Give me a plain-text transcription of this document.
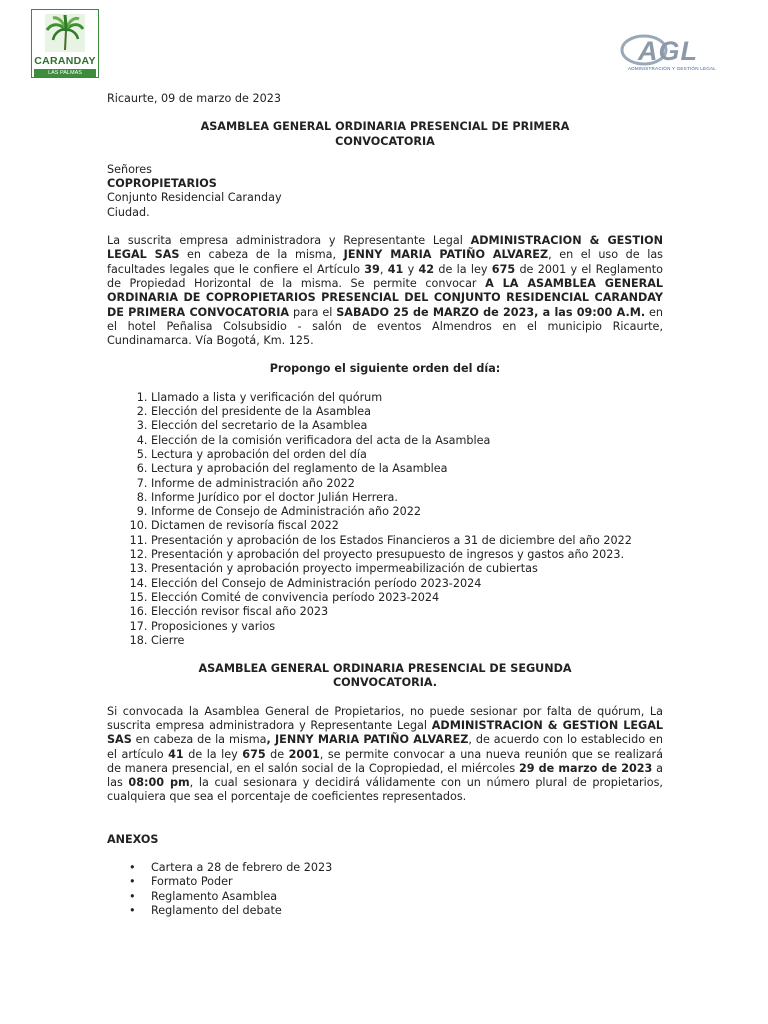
CARANDAY
LAS PALMAS
AGL
ADMINISTRACIÓN Y GESTIÓN LEGAL

Ricaurte, 09 de marzo de 2023

ASAMBLEA GENERAL ORDINARIA PRESENCIAL DE PRIMERA

CONVOCATORIA

Señores

COPROPIETARIOS

Conjunto Residencial Caranday

Ciudad.

La suscrita empresa administradora y Representante Legal ADMINISTRACION & GESTION LEGAL SAS en cabeza de la misma, JENNY MARIA PATIÑO ALVAREZ, en el uso de las facultades legales que le confiere el Artículo 39, 41 y 42 de la ley 675 de 2001 y el Reglamento de Propiedad Horizontal de la misma. Se permite convocar A LA ASAMBLEA GENERAL ORDINARIA DE COPROPIETARIOS PRESENCIAL DEL CONJUNTO RESIDENCIAL CARANDAY DE PRIMERA CONVOCATORIA para el SABADO 25 de MARZO de 2023, a las 09:00 A.M. en el hotel Peñalisa Colsubsidio - salón de eventos Almendros en el municipio Ricaurte, Cundinamarca. Vía Bogotá, Km. 125.

Propongo el siguiente orden del día:

1. Llamado a lista y verificación del quórum
2. Elección del presidente de la Asamblea
3. Elección del secretario de la Asamblea
4. Elección de la comisión verificadora del acta de la Asamblea
5. Lectura y aprobación del orden del día
6. Lectura y aprobación del reglamento de la Asamblea
7. Informe de administración año 2022
8. Informe Jurídico por el doctor Julián Herrera.
9. Informe de Consejo de Administración año 2022
10. Dictamen de revisoría fiscal 2022
11. Presentación y aprobación de los Estados Financieros a 31 de diciembre del año 2022
12. Presentación y aprobación del proyecto presupuesto de ingresos y gastos año 2023.
13. Presentación y aprobación proyecto impermeabilización de cubiertas
14. Elección del Consejo de Administración período 2023-2024
15. Elección Comité de convivencia período 2023-2024
16. Elección revisor fiscal año 2023
17. Proposiciones y varios
18. Cierre

ASAMBLEA GENERAL ORDINARIA PRESENCIAL DE SEGUNDA

CONVOCATORIA.

Si convocada la Asamblea General de Propietarios, no puede sesionar por falta de quórum, La suscrita empresa administradora y Representante Legal ADMINISTRACION & GESTION LEGAL SAS en cabeza de la misma, JENNY MARIA PATIÑO ALVAREZ, de acuerdo con lo establecido en el artículo 41 de la ley 675 de 2001, se permite convocar a una nueva reunión que se realizará de manera presencial, en el salón social de la Copropiedad, el miércoles 29 de marzo de 2023 a las 08:00 pm, la cual sesionara y decidirá válidamente con un número plural de propietarios, cualquiera que sea el porcentaje de coeficientes representados.

ANEXOS

• Cartera a 28 de febrero de 2023
• Formato Poder
• Reglamento Asamblea
• Reglamento del debate
